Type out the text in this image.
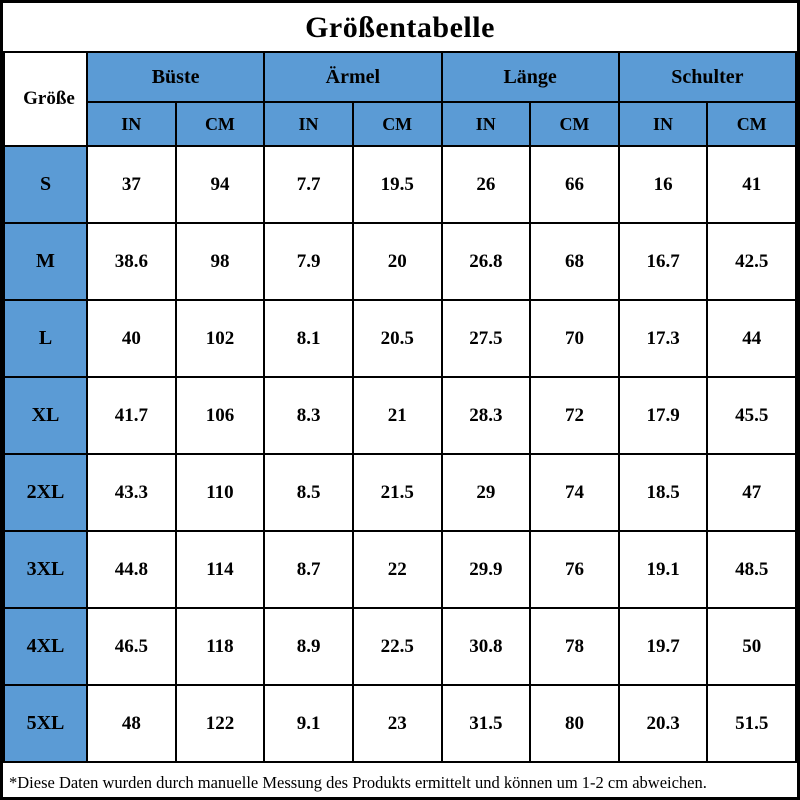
Größentabelle
Größe	Büste		Ärmel		Länge		Schulter	
	IN	CM	IN	CM	IN	CM	IN	CM
S	37	94	7.7	19.5	26	66	16	41
M	38.6	98	7.9	20	26.8	68	16.7	42.5
L	40	102	8.1	20.5	27.5	70	17.3	44
XL	41.7	106	8.3	21	28.3	72	17.9	45.5
2XL	43.3	110	8.5	21.5	29	74	18.5	47
3XL	44.8	114	8.7	22	29.9	76	19.1	48.5
4XL	46.5	118	8.9	22.5	30.8	78	19.7	50
5XL	48	122	9.1	23	31.5	80	20.3	51.5
*Diese Daten wurden durch manuelle Messung des Produkts ermittelt und können um 1-2 cm abweichen.
